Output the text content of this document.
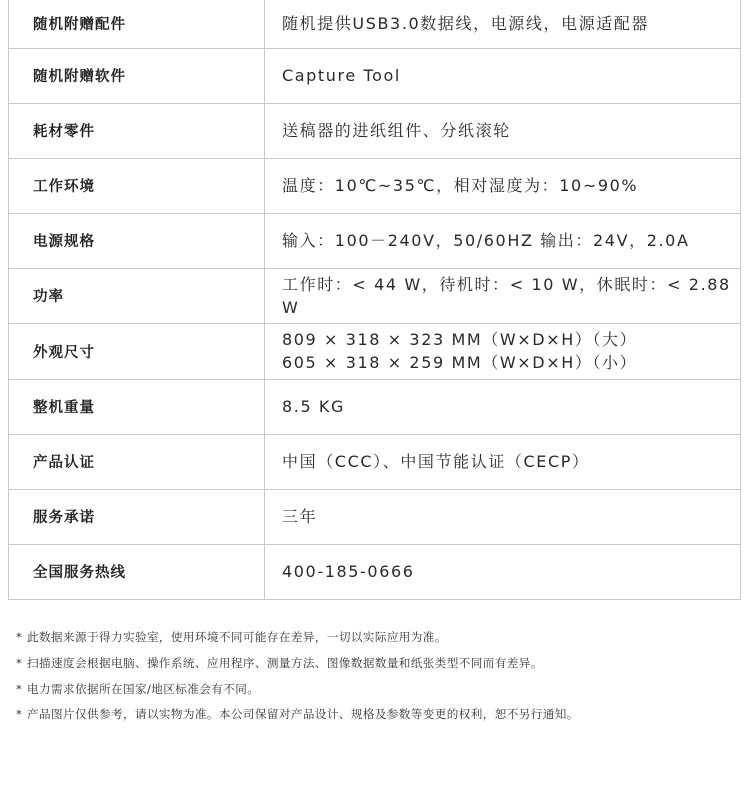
随机附赠配件	随机提供USB3.0数据线，电源线，电源适配器

随机附赠软件	Capture Tool

耗材零件	送稿器的进纸组件、分纸滚轮

工作环境	温度：10℃~35℃，相对湿度为：10~90%

电源规格	输入：100－240V，50/60HZ 输出：24V，2.0A

功率	工作时：< 44 W，待机时：< 10 W，休眠时：< 2.88 W

外观尺寸	809 × 318 × 323 MM（W×D×H）（大）
605 × 318 × 259 MM（W×D×H）（小）

整机重量	8.5 KG

产品认证	中国（CCC）、中国节能认证（CECP）

服务承诺	三年

全国服务热线	400-185-0666
* 此数据来源于得力实验室，使用环境不同可能存在差异，一切以实际应用为准。
* 扫描速度会根据电脑、操作系统、应用程序、测量方法、图像数据数量和纸张类型不同而有差异。
* 电力需求依据所在国家/地区标准会有不同。
* 产品图片仅供参考，请以实物为准。本公司保留对产品设计、规格及参数等变更的权利，恕不另行通知。
